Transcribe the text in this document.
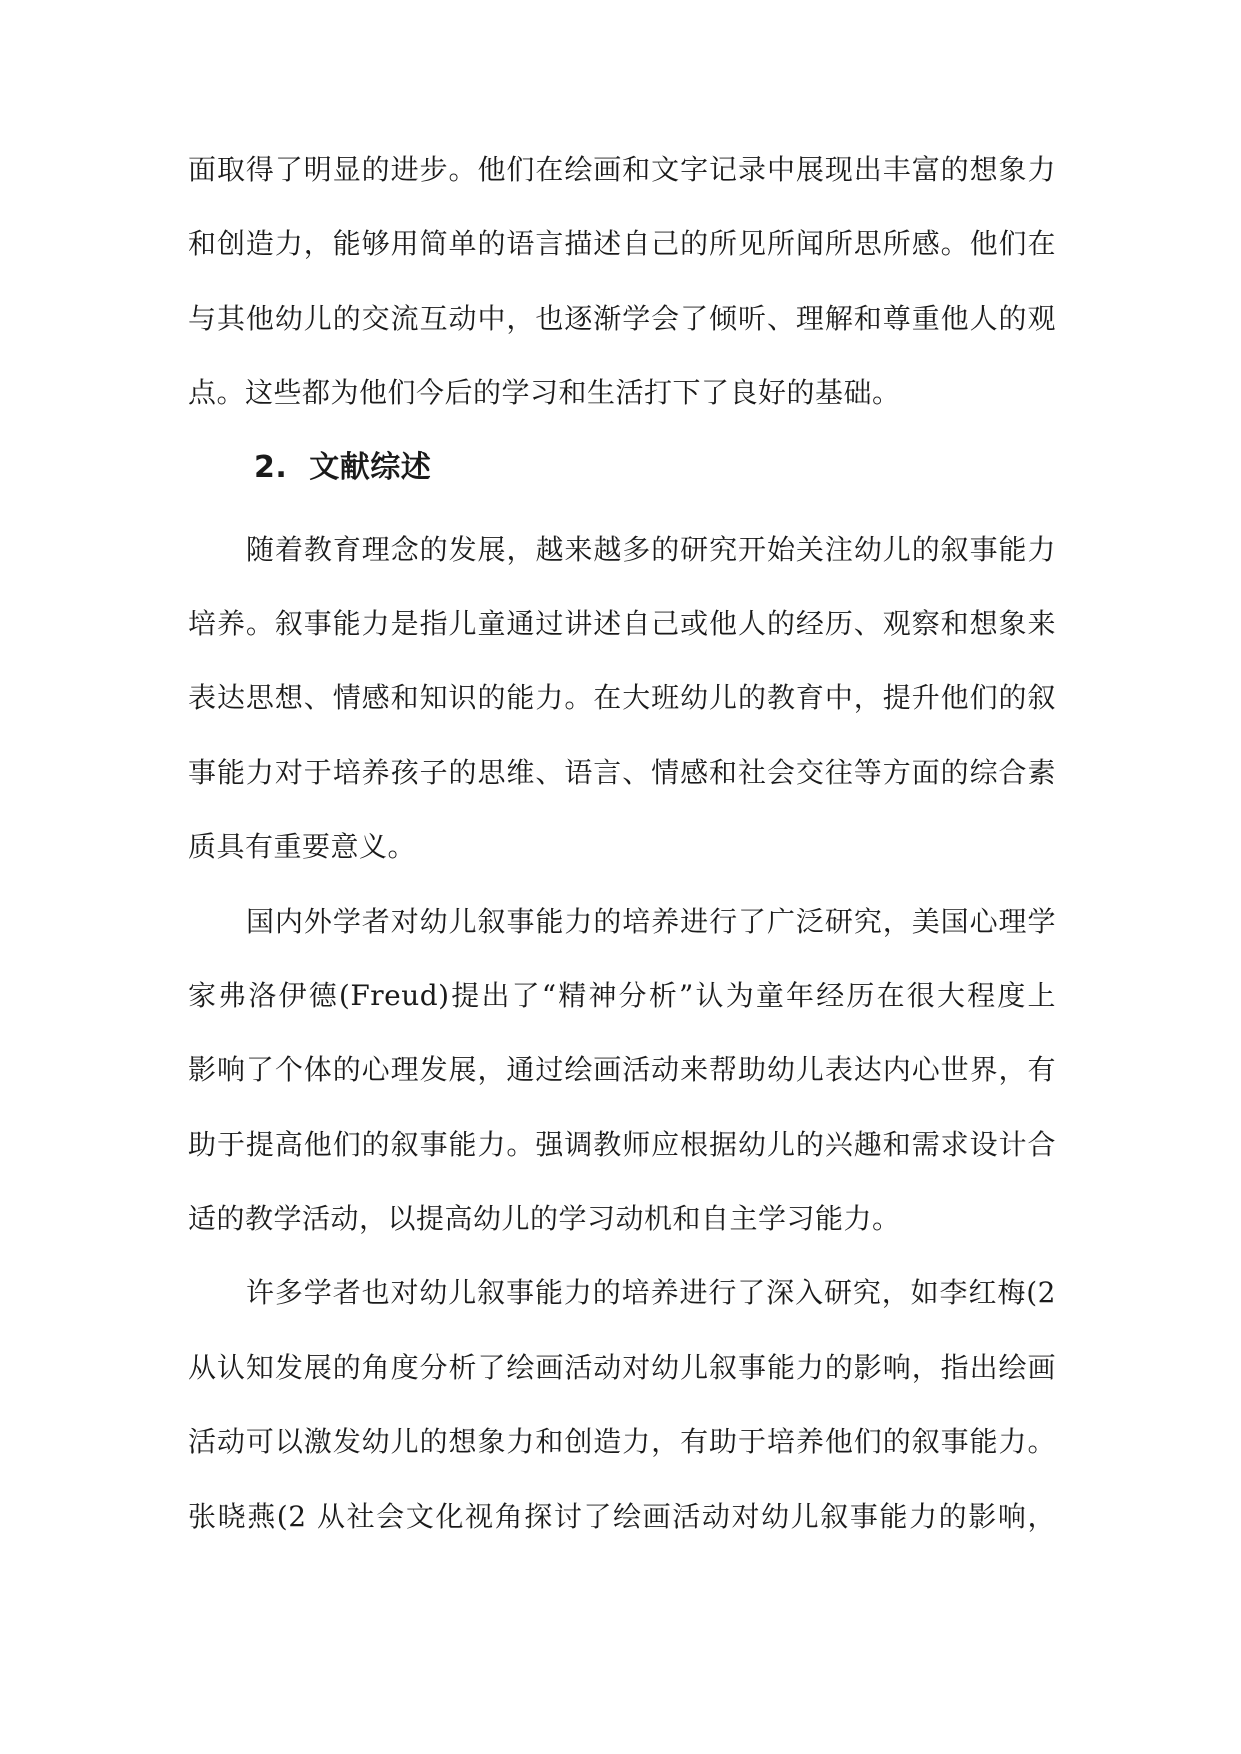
面取得了明显的进步。他们在绘画和文字记录中展现出丰富的想象力
和创造力，能够用简单的语言描述自己的所见所闻所思所感。他们在
与其他幼儿的交流互动中，也逐渐学会了倾听、理解和尊重他人的观
点。这些都为他们今后的学习和生活打下了良好的基础。
2. 文献综述
随着教育理念的发展，越来越多的研究开始关注幼儿的叙事能力
培养。叙事能力是指儿童通过讲述自己或他人的经历、观察和想象来
表达思想、情感和知识的能力。在大班幼儿的教育中，提升他们的叙
事能力对于培养孩子的思维、语言、情感和社会交往等方面的综合素
质具有重要意义。
国内外学者对幼儿叙事能力的培养进行了广泛研究，美国心理学
家弗洛伊德(Freud)提出了“精神分析”认为童年经历在很大程度上
影响了个体的心理发展，通过绘画活动来帮助幼儿表达内心世界，有
助于提高他们的叙事能力。强调教师应根据幼儿的兴趣和需求设计合
适的教学活动，以提高幼儿的学习动机和自主学习能力。
许多学者也对幼儿叙事能力的培养进行了深入研究，如李红梅(2
从认知发展的角度分析了绘画活动对幼儿叙事能力的影响，指出绘画
活动可以激发幼儿的想象力和创造力，有助于培养他们的叙事能力。
张晓燕(2 从社会文化视角探讨了绘画活动对幼儿叙事能力的影响，
